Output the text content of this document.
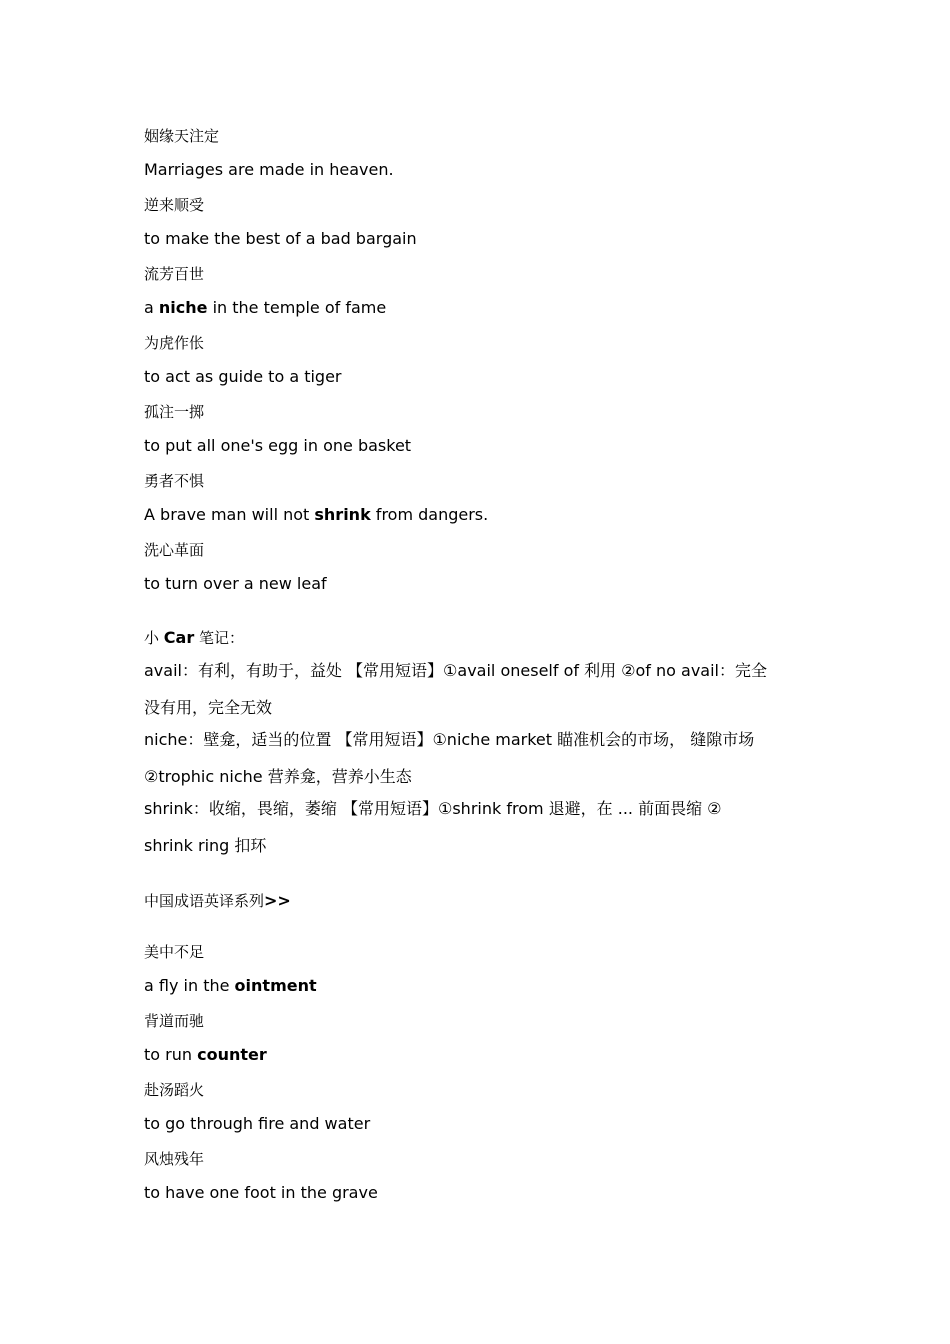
姻缘天注定
Marriages are made in heaven.
逆来顺受
to make the best of a bad bargain
流芳百世
a niche in the temple of fame
为虎作伥
to act as guide to a tiger
孤注一掷
to put all one's egg in one basket
勇者不惧
A brave man will not shrink from dangers.
洗心革面
to turn over a new leaf
小 Car 笔记：
avail：有利，有助于，益处 【常用短语】①avail oneself of 利用 ②of no avail：完全
没有用，完全无效
niche：壁龛，适当的位置 【常用短语】①niche market 瞄准机会的市场， 缝隙市场
②trophic niche 营养龛，营养小生态
shrink：收缩，畏缩，萎缩 【常用短语】①shrink from 退避，在 ... 前面畏缩 ②
shrink ring 扣环
中国成语英译系列>>
美中不足
a fly in the ointment
背道而驰
to run counter
赴汤蹈火
to go through fire and water
风烛残年
to have one foot in the grave
